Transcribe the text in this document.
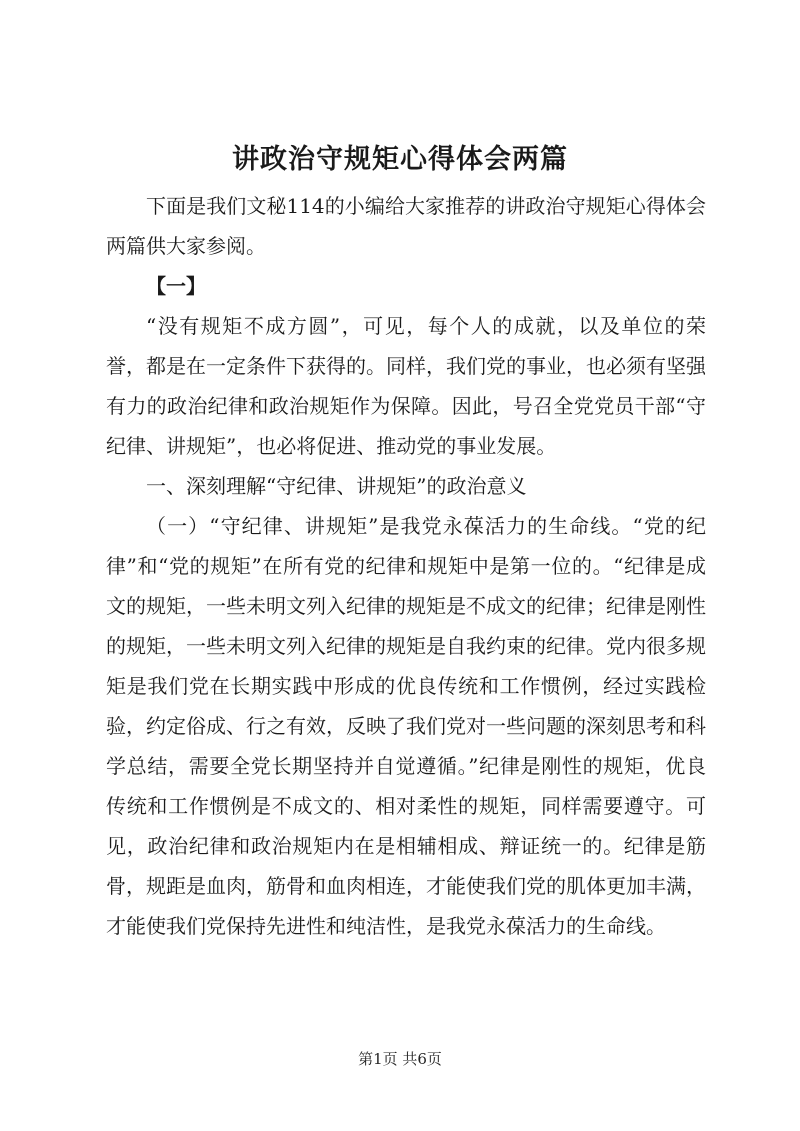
讲政治守规矩心得体会两篇

下面是我们文秘114的小编给大家推荐的讲政治守规矩心得体会两篇供大家参阅。

【一】

“没有规矩不成方圆”，可见，每个人的成就，以及单位的荣誉，都是在一定条件下获得的。同样，我们党的事业，也必须有坚强有力的政治纪律和政治规矩作为保障。因此，号召全党党员干部“守纪律、讲规矩”，也必将促进、推动党的事业发展。

一、深刻理解“守纪律、讲规矩”的政治意义

（一）“守纪律、讲规矩”是我党永葆活力的生命线。“党的纪律”和“党的规矩”在所有党的纪律和规矩中是第一位的。“纪律是成文的规矩，一些未明文列入纪律的规矩是不成文的纪律；纪律是刚性的规矩，一些未明文列入纪律的规矩是自我约束的纪律。党内很多规矩是我们党在长期实践中形成的优良传统和工作惯例，经过实践检验，约定俗成、行之有效，反映了我们党对一些问题的深刻思考和科学总结，需要全党长期坚持并自觉遵循。”纪律是刚性的规矩，优良传统和工作惯例是不成文的、相对柔性的规矩，同样需要遵守。可见，政治纪律和政治规矩内在是相辅相成、辩证统一的。纪律是筋骨，规距是血肉，筋骨和血肉相连，才能使我们党的肌体更加丰满，才能使我们党保持先进性和纯洁性，是我党永葆活力的生命线。

第1页 共6页
